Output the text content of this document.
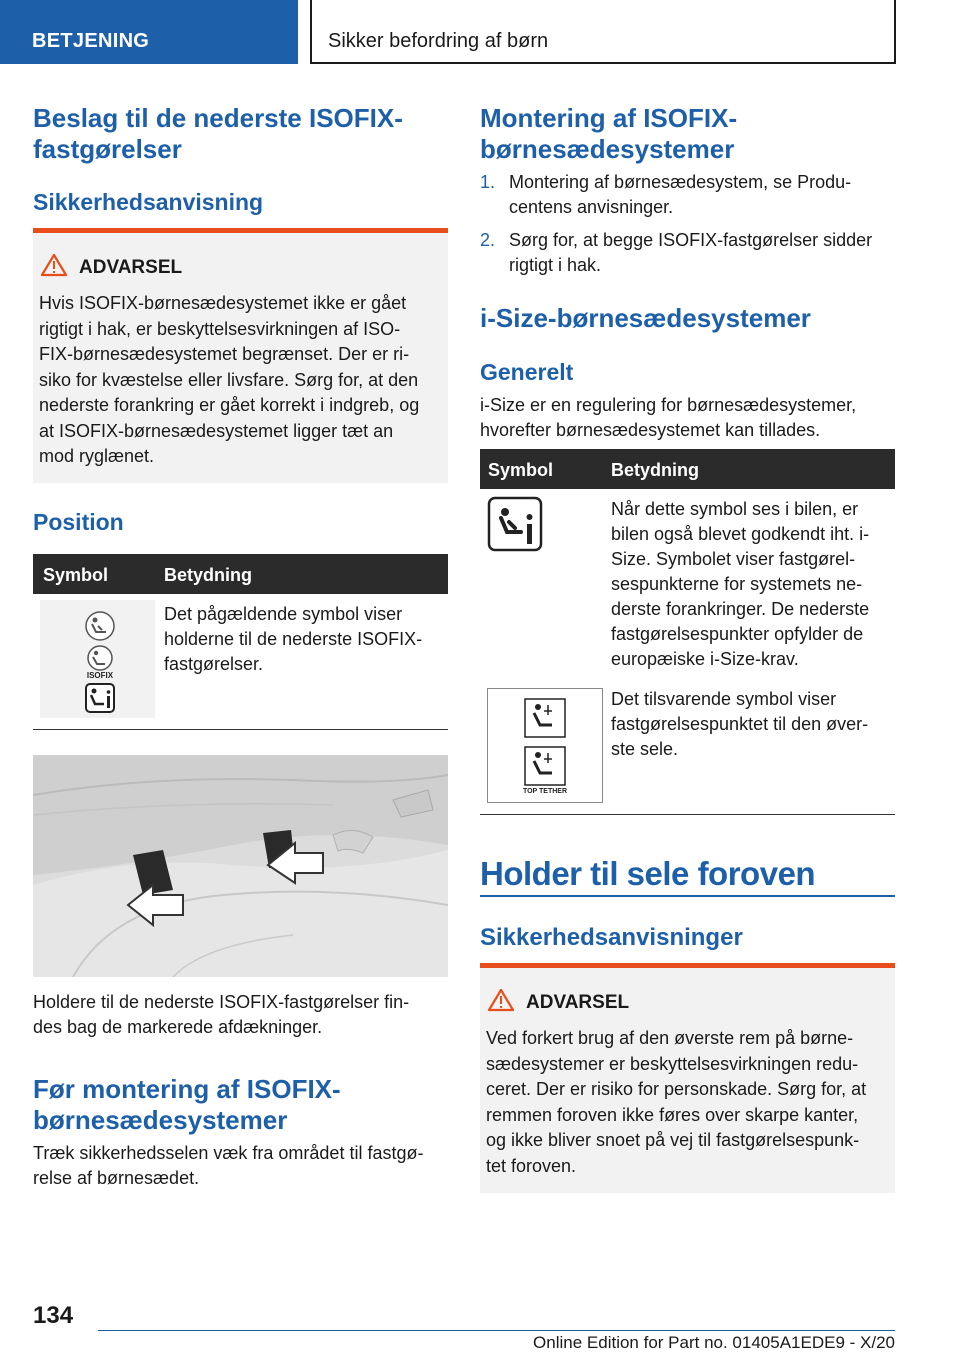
BETJENING	Sikker befordring af børn
Beslag til de nederste ISOFIX-fastgørelser
Sikkerhedsanvisning
ADVARSEL
Hvis ISOFIX-børnesædesystemet ikke er gået
rigtigt i hak, er beskyttelsesvirkningen af ISO-
FIX-børnesædesystemet begrænset. Der er ri-
siko for kvæstelse eller livsfare. Sørg for, at den
nederste forankring er gået korrekt i indgreb, og
at ISOFIX-børnesædesystemet ligger tæt an
mod ryglænet.
Position
Symbol	Betydning
ISOFIX
Det pågældende symbol viser
holderne til de nederste ISOFIX-
fastgørelser.
Holdere til de nederste ISOFIX-fastgørelser fin-
des bag de markerede afdækninger.
Før montering af ISOFIX-børnesædesystemer
Træk sikkerhedsselen væk fra området til fastgø-
relse af børnesædet.
Montering af ISOFIX-børnesædesystemer
1. Montering af børnesædesystem, se Produ-
centens anvisninger.
2. Sørg for, at begge ISOFIX-fastgørelser sidder
rigtigt i hak.
i-Size-børnesædesystemer
Generelt
i-Size er en regulering for børnesædesystemer,
hvorefter børnesædesystemet kan tillades.
Symbol	Betydning
Når dette symbol ses i bilen, er
bilen også blevet godkendt iht. i-
Size. Symbolet viser fastgørel-
sespunkterne for systemets ne-
derste forankringer. De nederste
fastgørelsespunkter opfylder de
europæiske i-Size-krav.
TOP TETHER
Det tilsvarende symbol viser
fastgørelsespunktet til den øver-
ste sele.
Holder til sele foroven
Sikkerhedsanvisninger
ADVARSEL
Ved forkert brug af den øverste rem på børne-
sædesystemer er beskyttelsesvirkningen redu-
ceret. Der er risiko for personskade. Sørg for, at
remmen foroven ikke føres over skarpe kanter,
og ikke bliver snoet på vej til fastgørelsespunk-
tet foroven.
134
Online Edition for Part no. 01405A1EDE9 - X/20
